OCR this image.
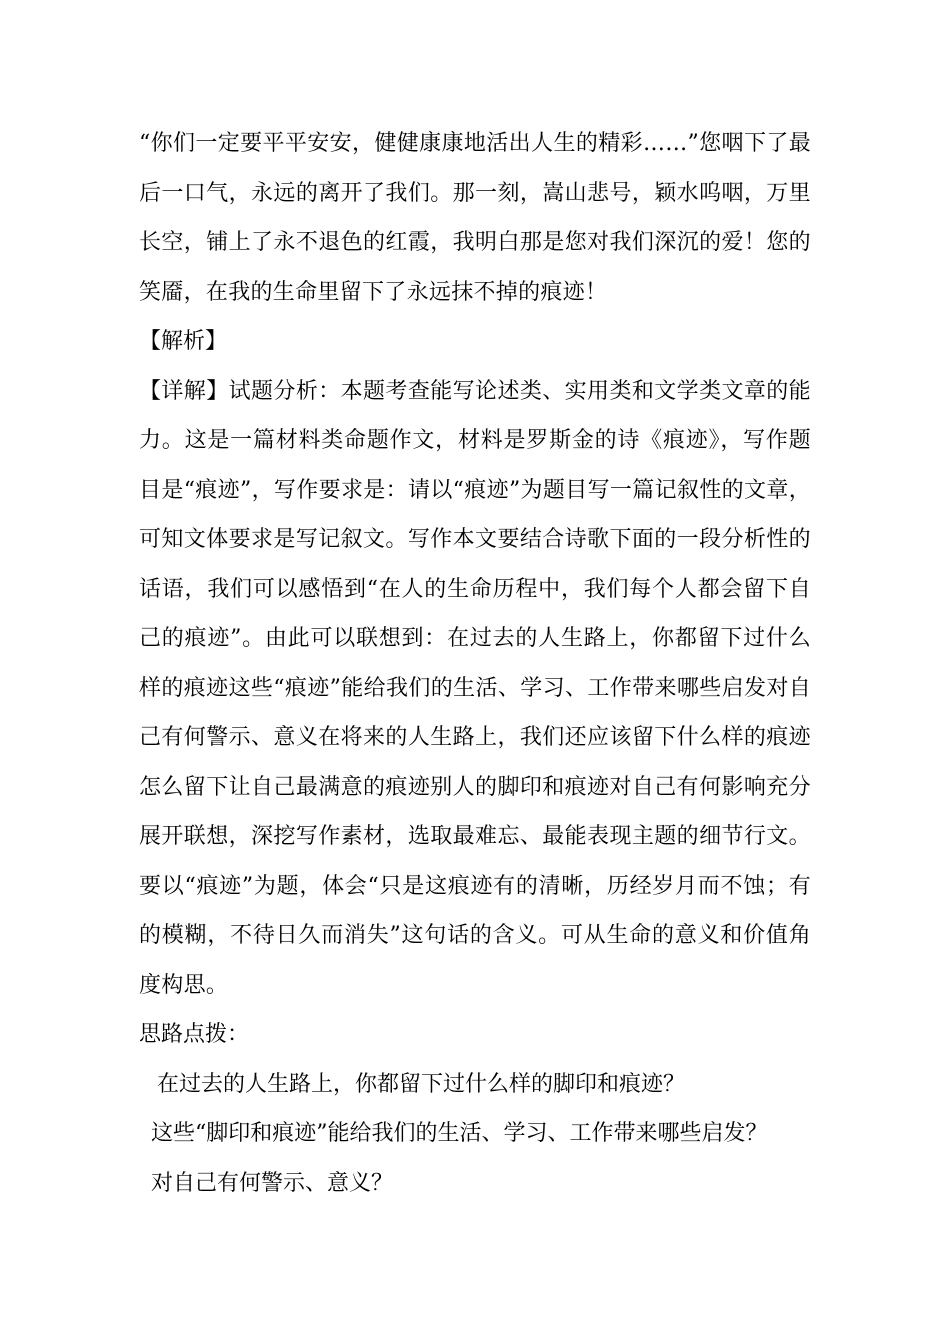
“你们一定要平平安安，健健康康地活出人生的精彩……”您咽下了最后一口气，永远的离开了我们。那一刻，嵩山悲号，颖水呜咽，万里长空，铺上了永不退色的红霞，我明白那是您对我们深沉的爱！您的笑靥，在我的生命里留下了永远抹不掉的痕迹！

【解析】

【详解】试题分析：本题考查能写论述类、实用类和文学类文章的能力。这是一篇材料类命题作文，材料是罗斯金的诗《痕迹》，写作题目是“痕迹”，写作要求是：请以“痕迹”为题目写一篇记叙性的文章，可知文体要求是写记叙文。写作本文要结合诗歌下面的一段分析性的话语，我们可以感悟到“在人的生命历程中，我们每个人都会留下自己的痕迹”。由此可以联想到：在过去的人生路上，你都留下过什么样的痕迹这些“痕迹”能给我们的生活、学习、工作带来哪些启发对自己有何警示、意义在将来的人生路上，我们还应该留下什么样的痕迹怎么留下让自己最满意的痕迹别人的脚印和痕迹对自己有何影响充分展开联想，深挖写作素材，选取最难忘、最能表现主题的细节行文。要以“痕迹”为题，体会“只是这痕迹有的清晰，历经岁月而不蚀；有的模糊，不待日久而消失”这句话的含义。可从生命的意义和价值角度构思。

思路点拨：

在过去的人生路上，你都留下过什么样的脚印和痕迹？

这些“脚印和痕迹”能给我们的生活、学习、工作带来哪些启发？

对自己有何警示、意义？
